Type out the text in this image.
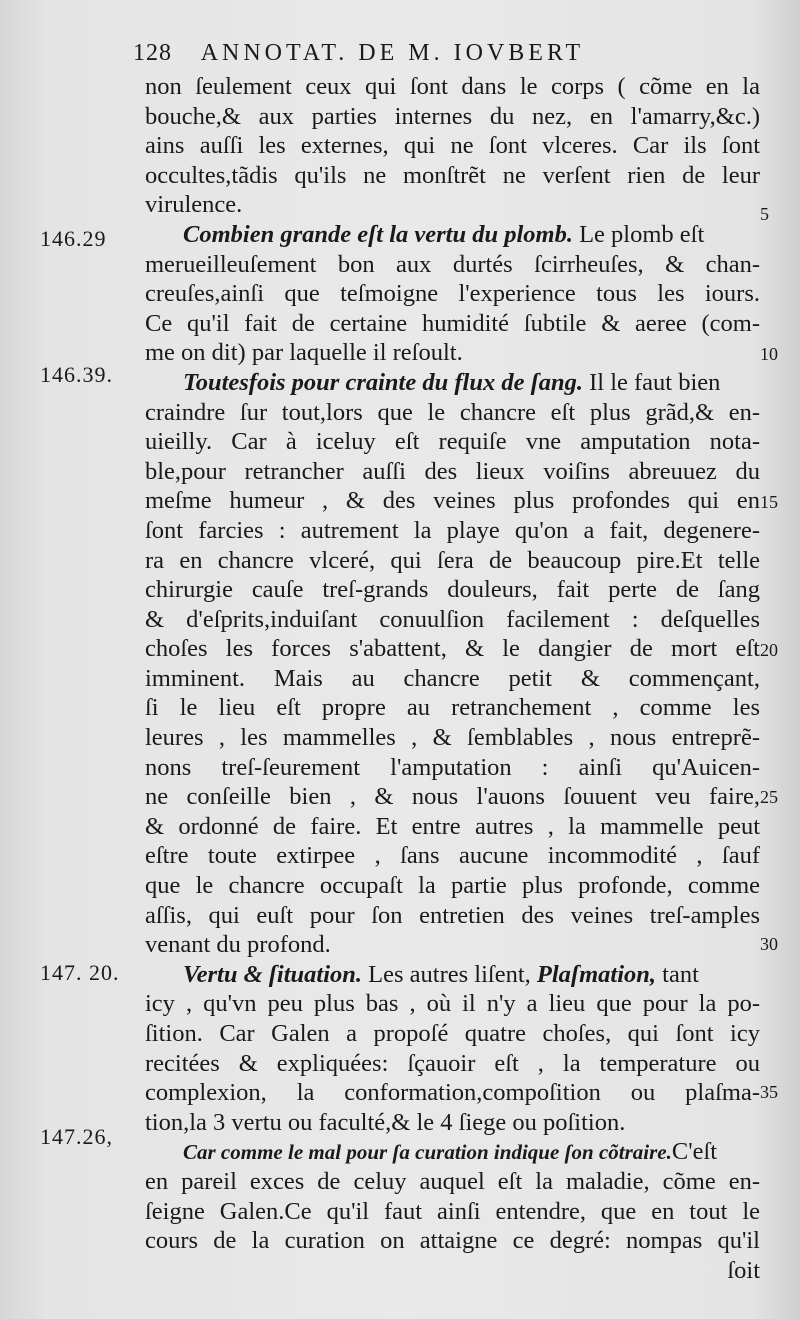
128 ANNOTAT. DE M. IOVBERT
146.29
146.39.
147. 20.
147.26,
5
10
15
20
25
30
35
non ſeulement ceux qui ſont dans le corps ( cõme en la
bouche,& aux parties internes du nez, en l'amarry,&c.)
ains auſſi les externes, qui ne ſont vlceres. Car ils ſont
occultes,tãdis qu'ils ne monſtrẽt ne verſent rien de leur
virulence.
Combien grande eſt la vertu du plomb. Le plomb eſt
merueilleuſement bon aux durtés ſcirrheuſes, & chan-
creuſes,ainſi que teſmoigne l'experience tous les iours.
Ce qu'il fait de certaine humidité ſubtile & aeree (com-
me on dit) par laquelle il reſoult.
Toutesfois pour crainte du flux de ſang. Il le faut bien
craindre ſur tout,lors que le chancre eſt plus grãd,& en-
uieilly. Car à iceluy eſt requiſe vne amputation nota-
ble,pour retrancher auſſi des lieux voiſins abreuuez du
meſme humeur , & des veines plus profondes qui en
ſont farcies : autrement la playe qu'on a fait, degenere-
ra en chancre vlceré, qui ſera de beaucoup pire.Et telle
chirurgie cauſe treſ-grands douleurs, fait perte de ſang
& d'eſprits,induiſant conuulſion facilement : deſquelles
choſes les forces s'abattent, & le dangier de mort eſt
imminent. Mais au chancre petit & commençant,
ſi le lieu eſt propre au retranchement , comme les
leures , les mammelles , & ſemblables , nous entreprẽ-
nons treſ-ſeurement l'amputation : ainſi qu'Auicen-
ne conſeille bien , & nous l'auons ſouuent veu faire,
& ordonné de faire. Et entre autres , la mammelle peut
eſtre toute extirpee , ſans aucune incommodité , ſauf
que le chancre occupaſt la partie plus profonde, comme
aſſis, qui euſt pour ſon entretien des veines treſ-amples
venant du profond.
Vertu & ſituation. Les autres liſent, Plaſmation, tant
icy , qu'vn peu plus bas , où il n'y a lieu que pour la po-
ſition. Car Galen a propoſé quatre choſes, qui ſont icy
recitées & expliquées: ſçauoir eſt , la temperature ou
complexion, la conformation,compoſition ou plaſma-
tion,la 3 vertu ou faculté,& le 4 ſiege ou poſition.
Car comme le mal pour ſa curation indique ſon cõtraire.C'eſt
en pareil exces de celuy auquel eſt la maladie, cõme en-
ſeigne Galen.Ce qu'il faut ainſi entendre, que en tout le
cours de la curation on attaigne ce degré: nompas qu'il
ſoit
